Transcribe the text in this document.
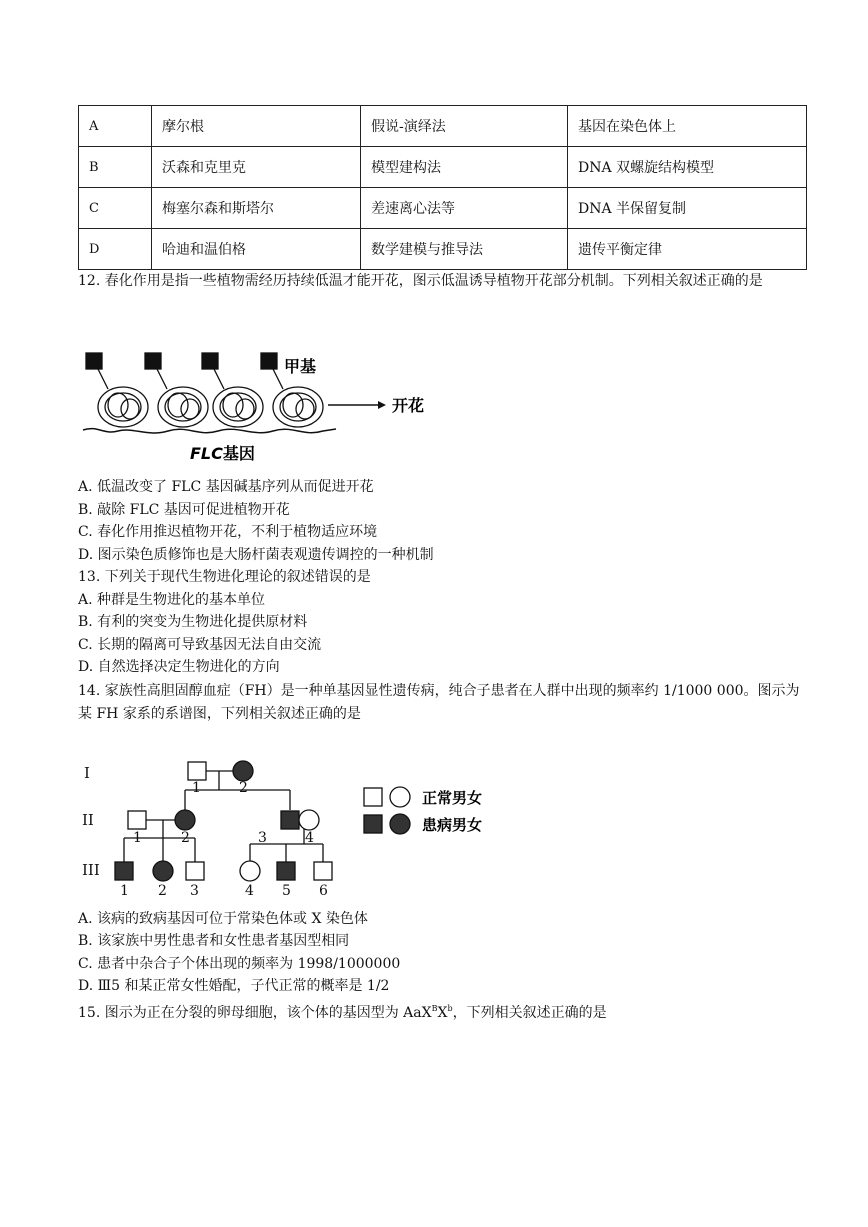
A	摩尔根	假说-演绎法	基因在染色体上
B	沃森和克里克	模型建构法	DNA 双螺旋结构模型
C	梅塞尔森和斯塔尔	差速离心法等	DNA 半保留复制
D	哈迪和温伯格	数学建模与推导法	遗传平衡定律
12. 春化作用是指一些植物需经历持续低温才能开花，图示低温诱导植物开花部分机制。下列相关叙述正确的是
甲基
开花
FLC基因
A. 低温改变了 FLC 基因碱基序列从而促进开花
B. 敲除 FLC 基因可促进植物开花
C. 春化作用推迟植物开花，不利于植物适应环境
D. 图示染色质修饰也是大肠杆菌表观遗传调控的一种机制
13. 下列关于现代生物进化理论的叙述错误的是
A. 种群是生物进化的基本单位
B. 有利的突变为生物进化提供原材料
C. 长期的隔离可导致基因无法自由交流
D. 自然选择决定生物进化的方向
14. 家族性高胆固醇血症（FH）是一种单基因显性遗传病，纯合子患者在人群中出现的频率约 1/1000 000。图示为某 FH 家系的系谱图，下列相关叙述正确的是
I
II
III
1	2
1	2	3	4
1 2 3	4 5 6
正常男女
患病男女
A. 该病的致病基因可位于常染色体或 X 染色体
B. 该家族中男性患者和女性患者基因型相同
C. 患者中杂合子个体出现的频率为 1998/1000000
D. Ⅲ5 和某正常女性婚配，子代正常的概率是 1/2
15. 图示为正在分裂的卵母细胞，该个体的基因型为 $AaX^BX^b$，下列相关叙述正确的是
